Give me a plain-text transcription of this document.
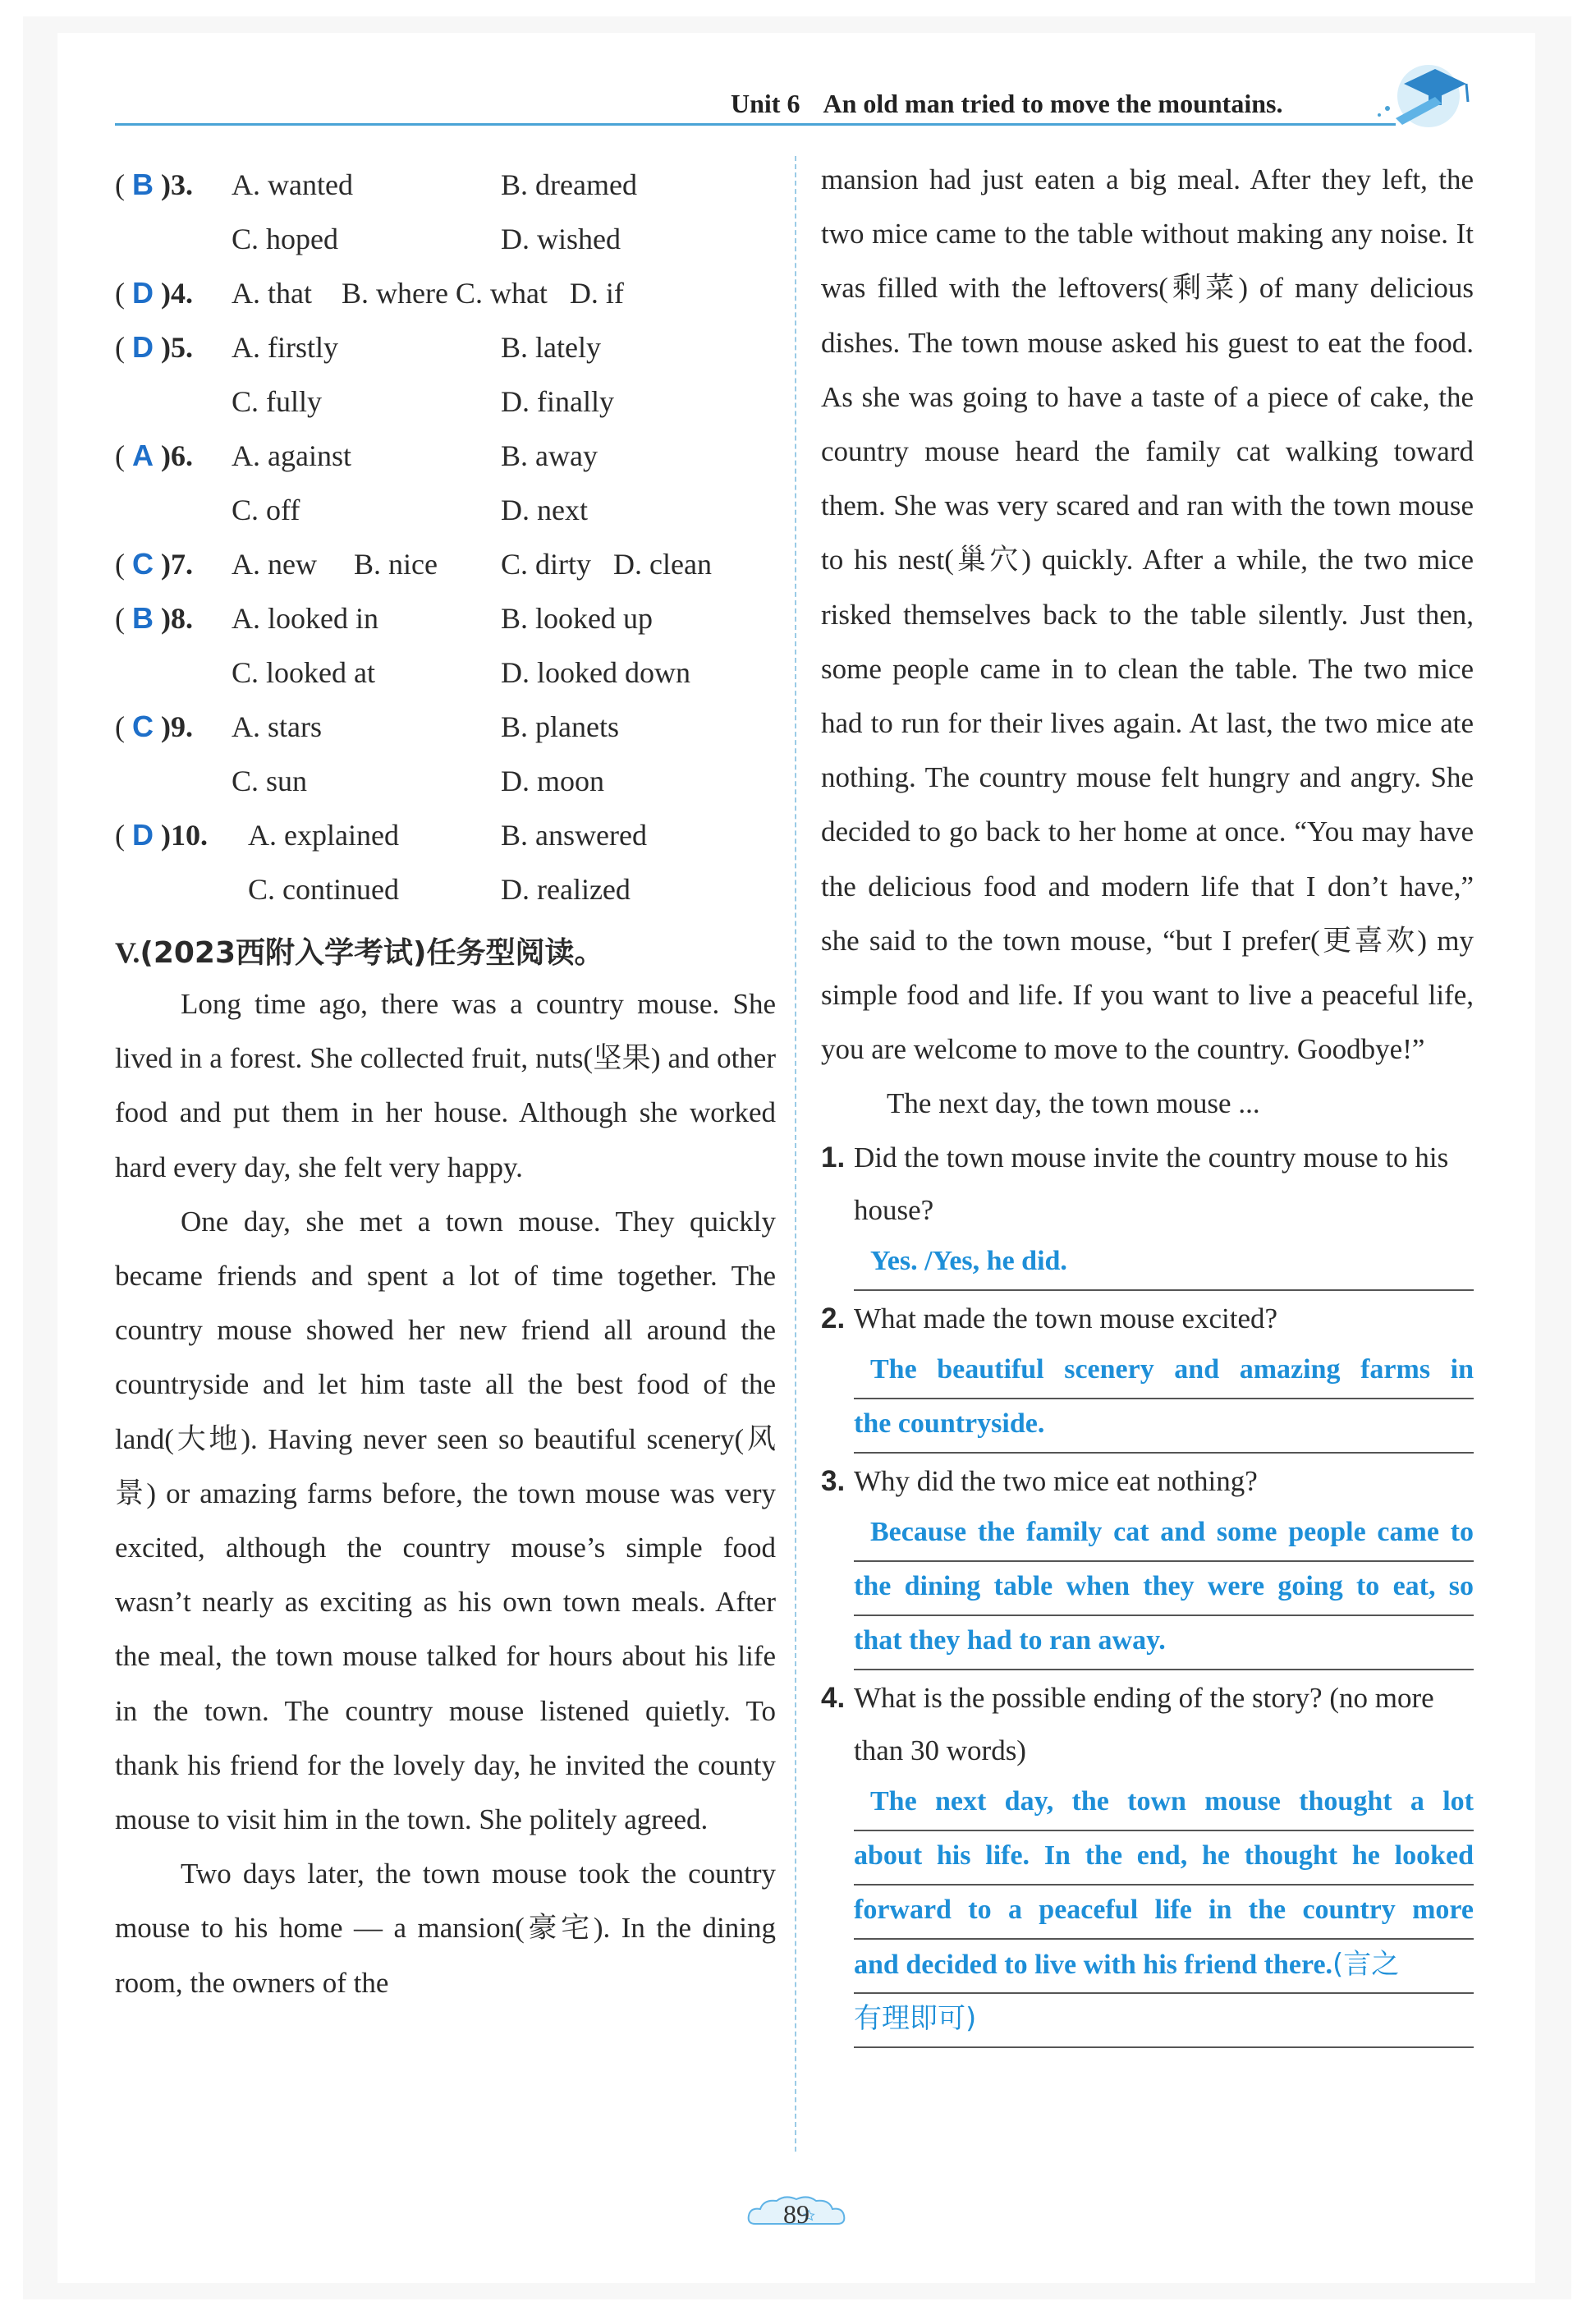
Unit 6 An old man tried to move the mountains.
( B )3. A. wanted	B. dreamed
C. hoped	D. wished
( D )4. A. that    B. where C. what   D. if
( D )5. A. firstly	B. lately
C. fully	D. finally
( A )6. A. against	B. away
C. off	D. next
( C )7. A. new     B. nice C. dirty   D. clean
( B )8. A. looked in	B. looked up
C. looked at	D. looked down
( C )9. A. stars	B. planets
C. sun	D. moon
( D )10. A. explained	B. answered
C. continued	D. realized
V.(2023西附入学考试)任务型阅读。

Long time ago, there was a country mouse. She lived in a forest. She collected fruit, nuts(坚果) and other food and put them in her house. Although she worked hard every day, she felt very happy.

One day, she met a town mouse. They quickly became friends and spent a lot of time together. The country mouse showed her new friend all around the countryside and let him taste all the best food of the land(大地). Having never seen so beautiful scenery(风景) or amazing farms before, the town mouse was very excited, although the country mouse’s simple food wasn’t nearly as exciting as his own town meals. After the meal, the town mouse talked for hours about his life in the town. The country mouse listened quietly. To thank his friend for the lovely day, he invited the county mouse to visit him in the town. She politely agreed.

Two days later, the town mouse took the country mouse to his home — a mansion(豪宅). In the dining room, the owners of the

mansion had just eaten a big meal. After they left, the two mice came to the table without making any noise. It was filled with the leftovers(剩菜) of many delicious dishes. The town mouse asked his guest to eat the food. As she was going to have a taste of a piece of cake, the country mouse heard the family cat walking toward them. She was very scared and ran with the town mouse to his nest(巢穴) quickly. After a while, the two mice risked themselves back to the table silently. Just then, some people came in to clean the table. The two mice had to run for their lives again. At last, the two mice ate nothing. The country mouse felt hungry and angry. She decided to go back to her home at once. “You may have the delicious food and modern life that I don’t have,” she said to the town mouse, “but I prefer(更喜欢) my simple food and life. If you want to live a peaceful life, you are welcome to move to the country. Goodbye!”

The next day, the town mouse ...

1. Did the town mouse invite the country mouse to his house?
Yes. /Yes, he did.
2. What made the town mouse excited?
The beautiful scenery and amazing farms in
the countryside.
3. Why did the two mice eat nothing?
Because the family cat and some people came to
the dining table when they were going to eat, so
that they had to ran away.
4. What is the possible ending of the story? (no more than 30 words)
The next day, the town mouse thought a lot
about his life. In the end, he thought he looked
forward to a peaceful life in the country more
and decided to live with his friend there.(言之
有理即可)
89
